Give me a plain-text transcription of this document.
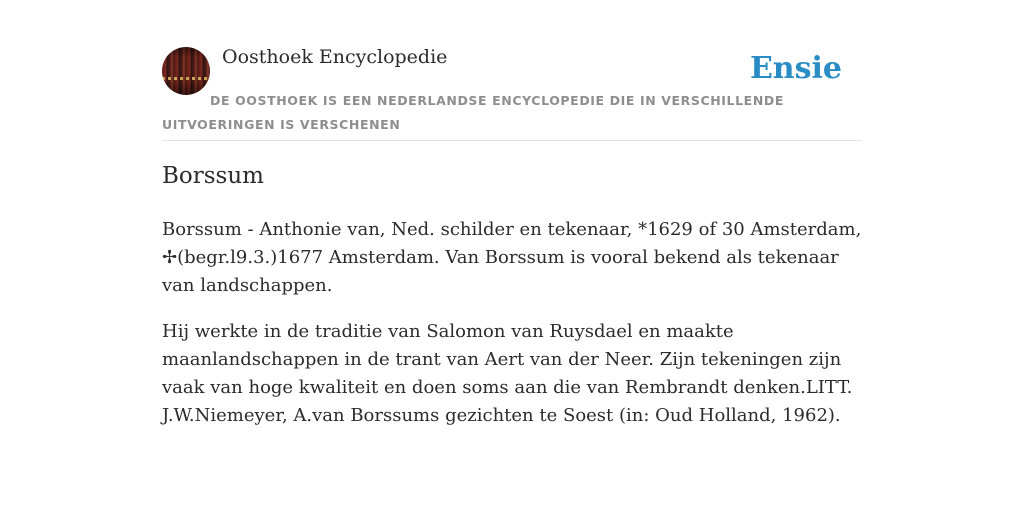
Oosthoek Encyclopedie	Ensie

DE OOSTHOEK IS EEN NEDERLANDSE ENCYCLOPEDIE DIE IN VERSCHILLENDE UITVOERINGEN IS VERSCHENEN

Borssum

Borssum - Anthonie van, Ned. schilder en tekenaar, *1629 of 30 Amsterdam, ✢(begr.l9.3.)1677 Amsterdam. Van Borssum is vooral bekend als tekenaar van landschappen.

Hij werkte in de traditie van Salomon van Ruysdael en maakte maanlandschappen in de trant van Aert van der Neer. Zijn tekeningen zijn vaak van hoge kwaliteit en doen soms aan die van Rembrandt denken.LITT. J.W.Niemeyer, A.van Borssums gezichten te Soest (in: Oud Holland, 1962).
